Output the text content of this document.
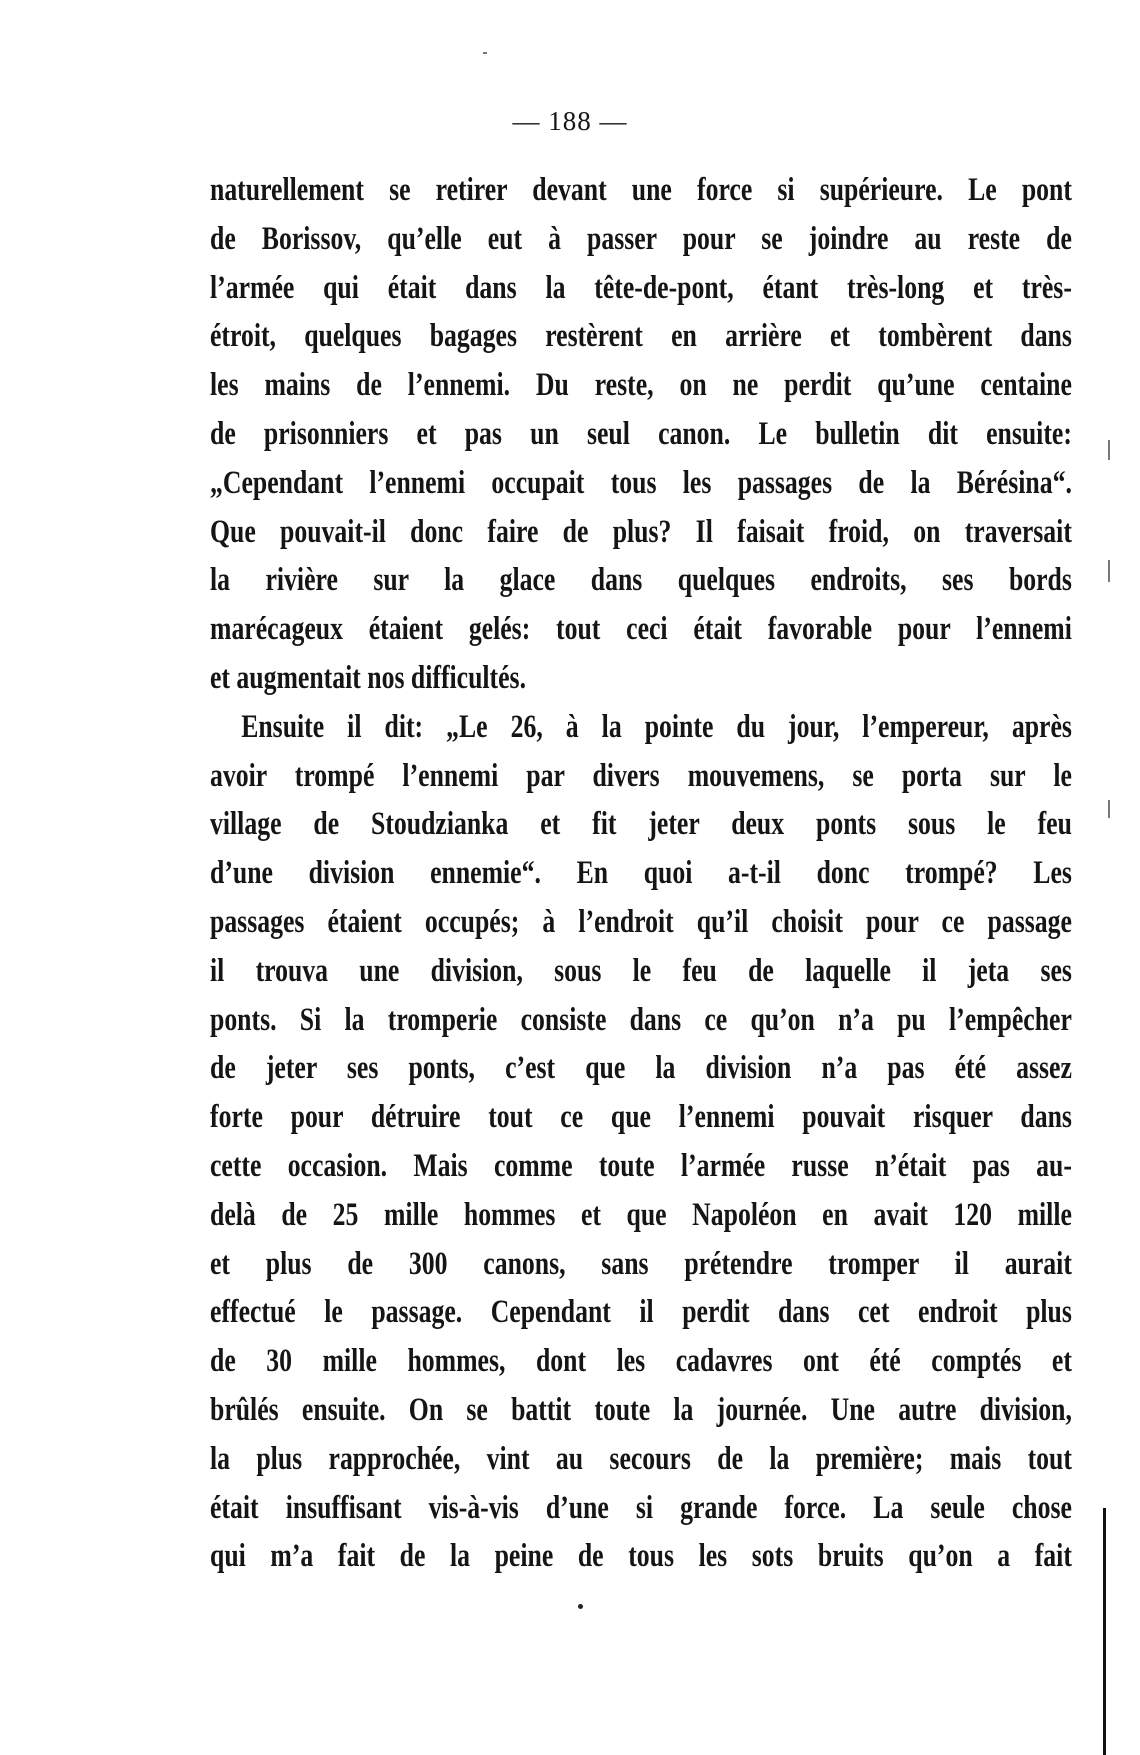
— 188 —
naturellement se retirer devant une force si supérieure. Le pont
de Borissov, qu’elle eut à passer pour se joindre au reste de
l’armée qui était dans la tête-de-pont, étant très-long et très-
étroit, quelques bagages restèrent en arrière et tombèrent dans
les mains de l’ennemi. Du reste, on ne perdit qu’une centaine
de prisonniers et pas un seul canon. Le bulletin dit ensuite:
„Cependant l’ennemi occupait tous les passages de la Bérésina“.
Que pouvait-il donc faire de plus? Il faisait froid, on traversait
la rivière sur la glace dans quelques endroits, ses bords
marécageux étaient gelés: tout ceci était favorable pour l’ennemi
et augmentait nos difficultés.
Ensuite il dit: „Le 26, à la pointe du jour, l’empereur, après
avoir trompé l’ennemi par divers mouvemens, se porta sur le
village de Stoudzianka et fit jeter deux ponts sous le feu
d’une division ennemie“. En quoi a-t-il donc trompé? Les
passages étaient occupés; à l’endroit qu’il choisit pour ce passage
il trouva une division, sous le feu de laquelle il jeta ses
ponts. Si la tromperie consiste dans ce qu’on n’a pu l’empêcher
de jeter ses ponts, c’est que la division n’a pas été assez
forte pour détruire tout ce que l’ennemi pouvait risquer dans
cette occasion. Mais comme toute l’armée russe n’était pas au-
delà de 25 mille hommes et que Napoléon en avait 120 mille
et plus de 300 canons, sans prétendre tromper il aurait
effectué le passage. Cependant il perdit dans cet endroit plus
de 30 mille hommes, dont les cadavres ont été comptés et
brûlés ensuite. On se battit toute la journée. Une autre division,
la plus rapprochée, vint au secours de la première; mais tout
était insuffisant vis-à-vis d’une si grande force. La seule chose
qui m’a fait de la peine de tous les sots bruits qu’on a fait
